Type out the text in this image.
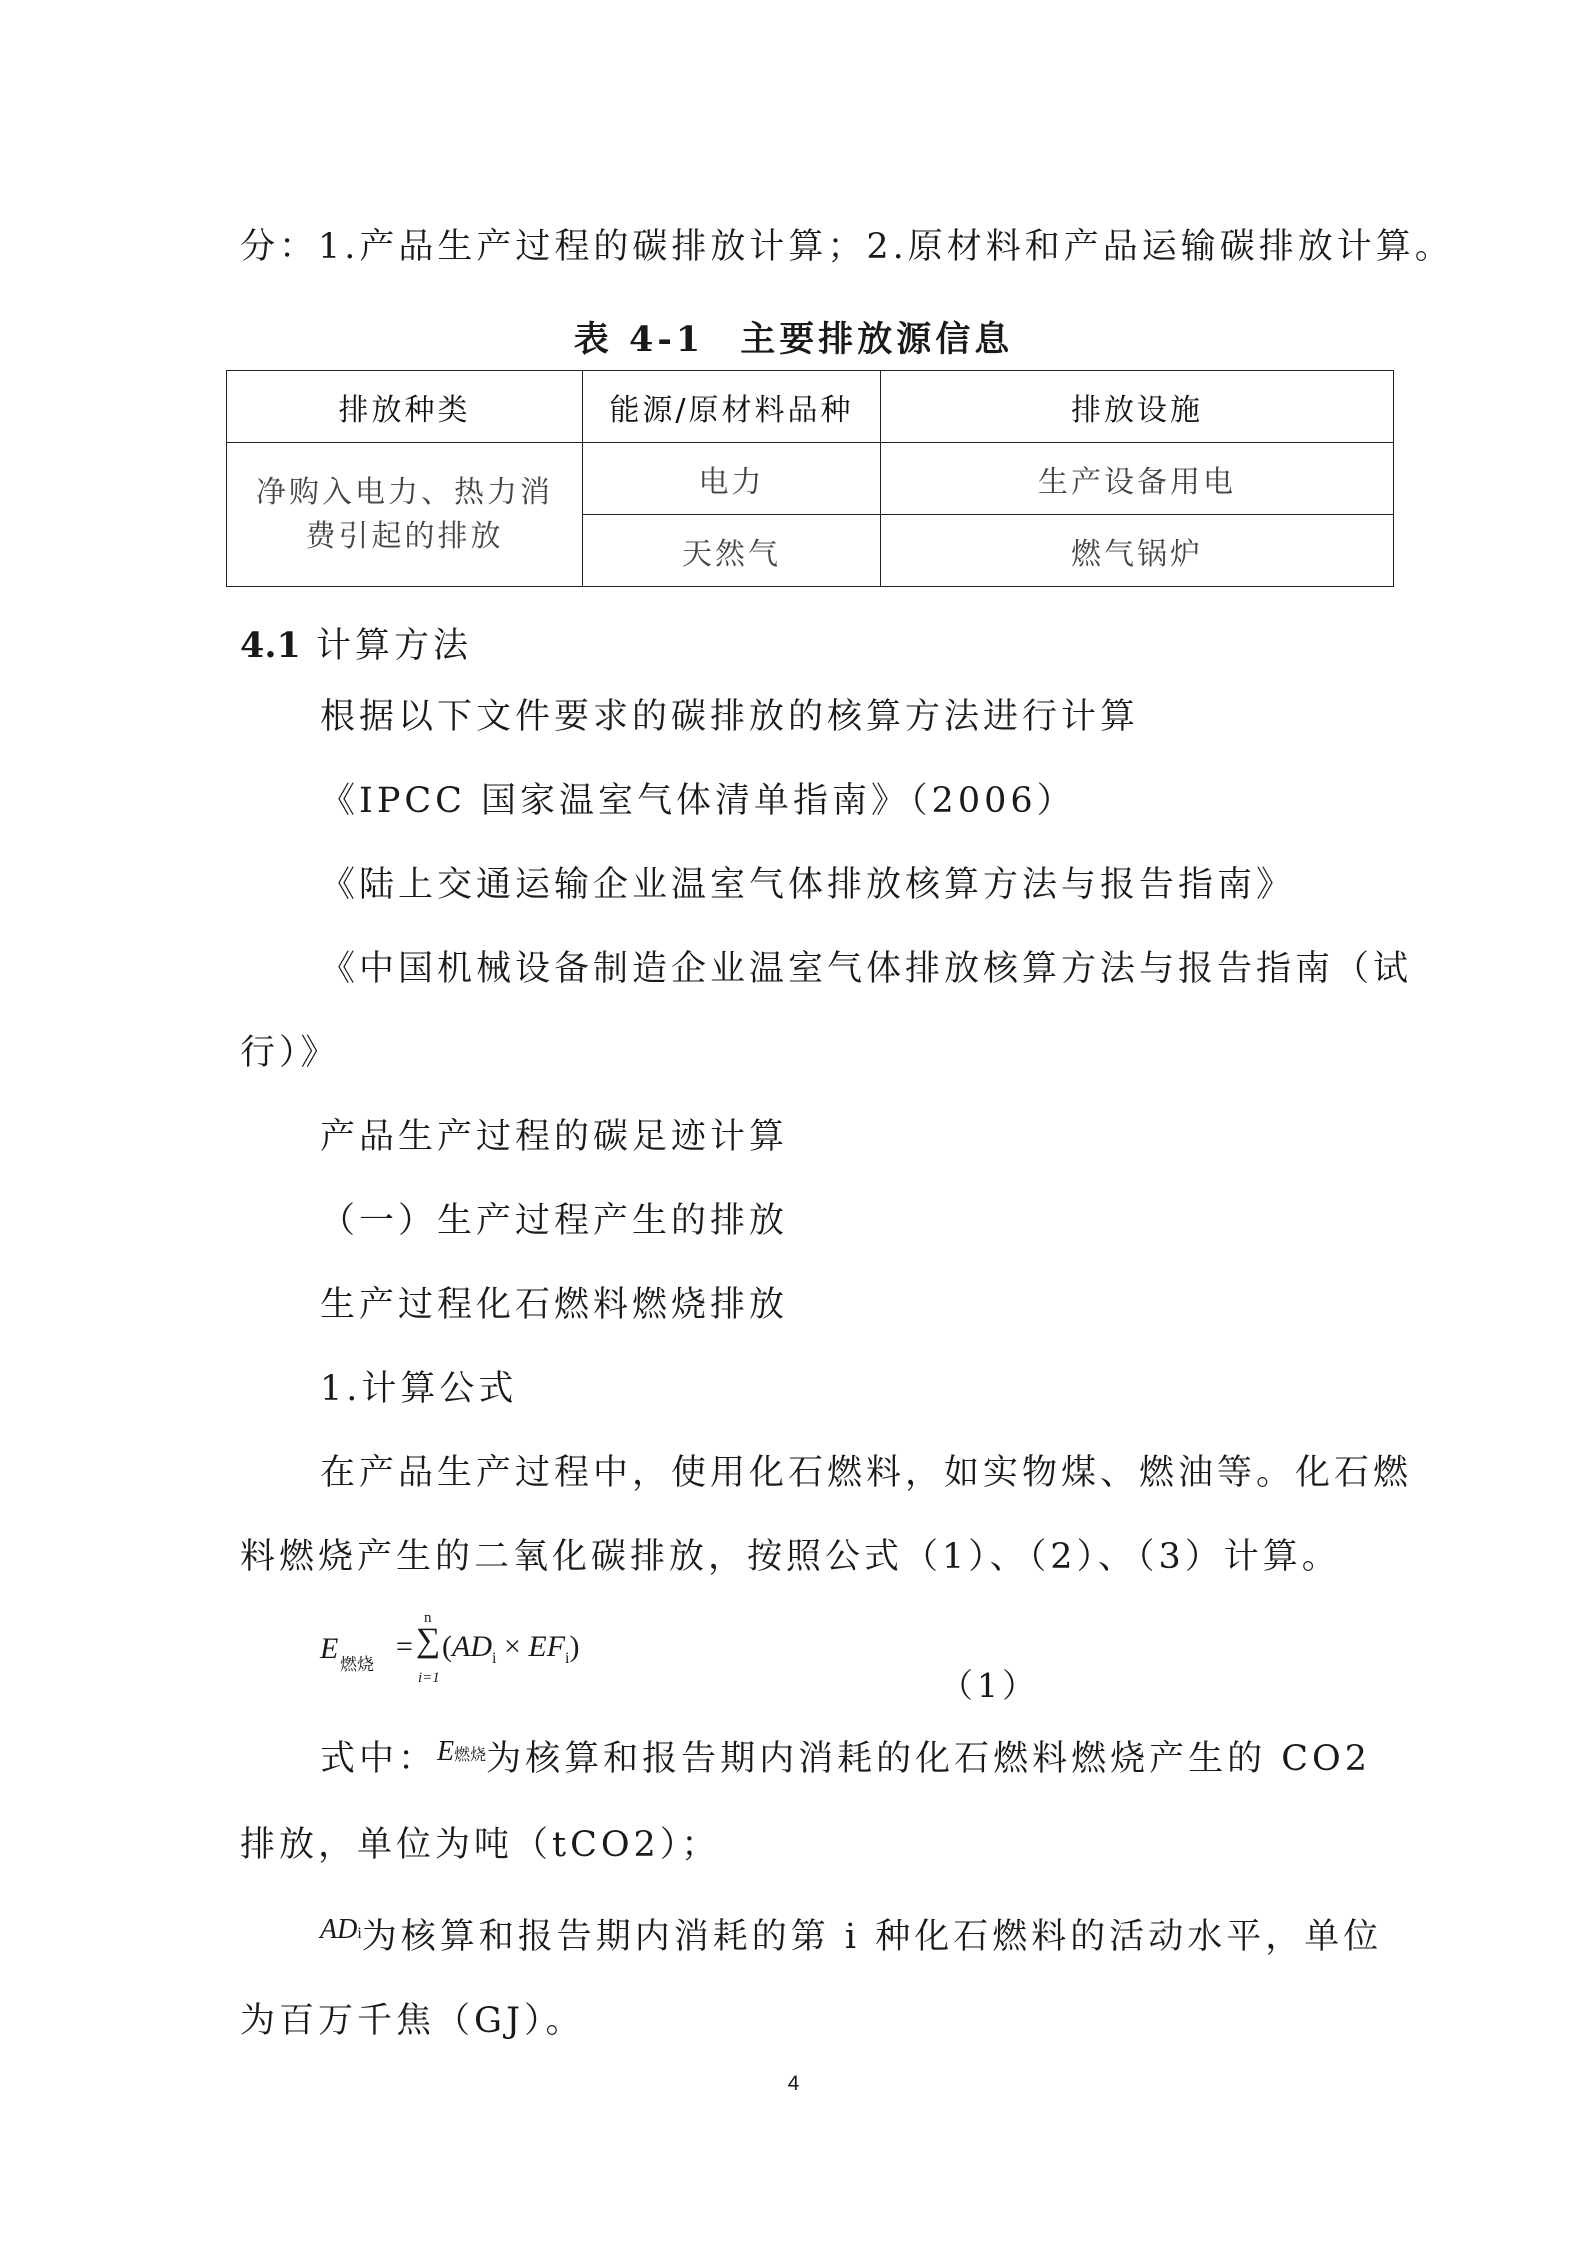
分：1.产品生产过程的碳排放计算；2.原材料和产品运输碳排放计算。
表 4-1 主要排放源信息
排放种类	能源/原材料品种	排放设施
净购入电力、热力消费引起的排放	电力	生产设备用电
	天然气	燃气锅炉
4.1 计算方法
根据以下文件要求的碳排放的核算方法进行计算
《IPCC 国家温室气体清单指南》（2006）
《陆上交通运输企业温室气体排放核算方法与报告指南》
《中国机械设备制造企业温室气体排放核算方法与报告指南（试
行）》
产品生产过程的碳足迹计算
（一）生产过程产生的排放
生产过程化石燃料燃烧排放
1.计算公式
在产品生产过程中，使用化石燃料，如实物煤、燃油等。化石燃
料燃烧产生的二氧化碳排放，按照公式（1）、（2）、（3）计算。
E 燃烧
=
n
∑
i=1
$(AD_i \times EF_i)$
（1）
式中：$^{E燃烧}$为核算和报告期内消耗的化石燃料燃烧产生的 CO2
排放，单位为吨（tCO2）；
$^{ADi}$为核算和报告期内消耗的第 i 种化石燃料的活动水平，单位
为百万千焦（GJ）。
4
